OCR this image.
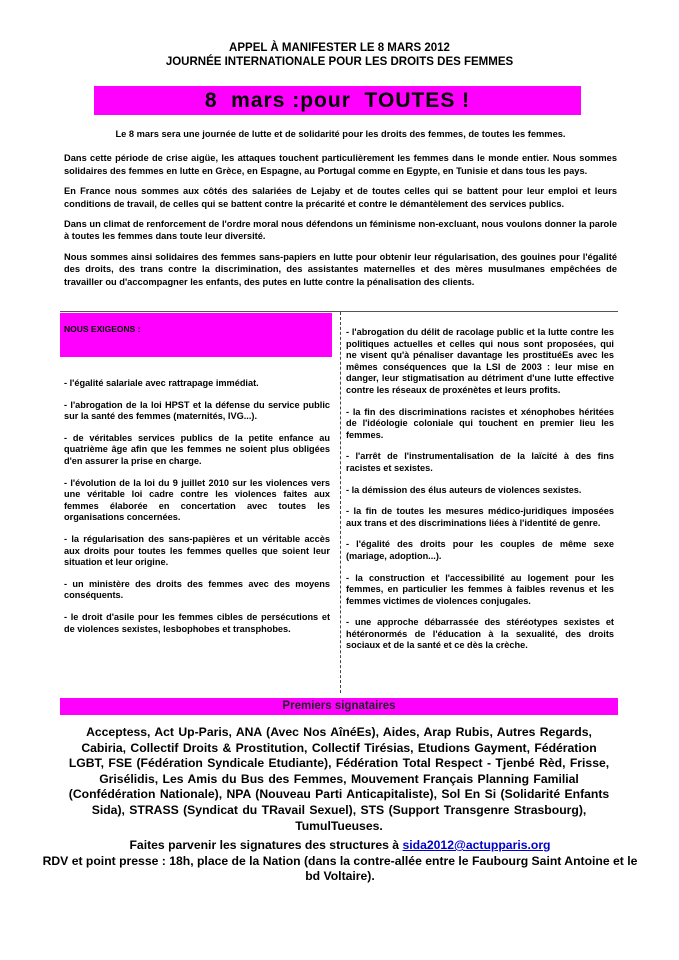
APPEL À MANIFESTER LE 8 MARS 2012
JOURNÉE INTERNATIONALE POUR LES DROITS DES FEMMES
8  mars :pour  TOUTES !

Le 8 mars sera une journée de lutte et de solidarité pour les droits des femmes, de toutes les femmes.

Dans cette période de crise aigüe, les attaques touchent particulièrement les femmes dans le monde entier. Nous sommes solidaires des femmes en lutte en Grèce, en Espagne, au Portugal comme en Egypte, en Tunisie et dans tous les pays.

En France nous sommes aux côtés des salariées de Lejaby et de toutes celles qui se battent pour leur emploi et leurs conditions de travail, de celles qui se battent contre la précarité et contre le démantèlement des services publics.

Dans un climat de renforcement de l'ordre moral nous défendons un féminisme non-excluant, nous voulons donner la parole à toutes les femmes dans toute leur diversité.

Nous sommes ainsi solidaires des femmes sans-papiers en lutte pour obtenir leur régularisation, des gouines pour l'égalité des droits, des trans contre la discrimination, des assistantes maternelles et des mères musulmanes empêchées de travailler ou d'accompagner les enfants, des putes en lutte contre la pénalisation des clients.

NOUS EXIGEONS :

- l'égalité salariale avec rattrapage immédiat.

- l'abrogation de la loi HPST et la défense du service public sur la santé des femmes (maternités, IVG...).

- de véritables services publics de la petite enfance au quatrième âge afin que les femmes ne soient plus obligées d'en assurer la prise en charge.

- l'évolution de la loi du 9 juillet 2010 sur les violences vers une véritable loi cadre contre les violences faites aux femmes élaborée en concertation avec toutes les organisations concernées.

- la régularisation des sans-papières et un véritable accès aux droits pour toutes les femmes quelles que soient leur situation et leur origine.

- un ministère des droits des femmes avec des moyens conséquents.

- le droit d'asile pour les femmes cibles de persécutions et de violences sexistes, lesbophobes et transphobes.

- l'abrogation du délit de racolage public et la lutte contre les politiques actuelles et celles qui nous sont proposées, qui ne visent qu'à pénaliser davantage les prostituéEs avec les mêmes conséquences que la LSI de 2003 : leur mise en danger, leur stigmatisation au détriment d'une lutte effective contre les réseaux de proxénètes et leurs profits.

- la fin des discriminations racistes et xénophobes héritées de l'idéologie coloniale qui touchent en premier lieu les femmes.

- l'arrêt de l'instrumentalisation de la laïcité à des fins racistes et sexistes.

- la démission des élus auteurs de violences sexistes.

- la fin de toutes les mesures médico-juridiques imposées aux trans et des discriminations liées à l'identité de genre.

- l'égalité des droits pour les couples de même sexe (mariage, adoption...).

- la construction et l'accessibilité au logement pour les femmes, en particulier les femmes à faibles revenus et les femmes victimes de violences conjugales.

- une approche débarrassée des stéréotypes sexistes et hétéronormés de l'éducation à la sexualité, des droits sociaux et de la santé et ce dès la crèche.

Premiers signataires
Acceptess, Act Up-Paris, ANA (Avec Nos AînéEs), Aides, Arap Rubis, Autres Regards, Cabiria, Collectif Droits & Prostitution, Collectif Tirésias, Etudions Gayment, Fédération LGBT, FSE (Fédération Syndicale Etudiante), Fédération Total Respect - Tjenbé Rèd, Frisse, Grisélidis, Les Amis du Bus des Femmes, Mouvement Français Planning Familial (Confédération Nationale), NPA (Nouveau Parti Anticapitaliste), Sol En Si (Solidarité Enfants Sida), STRASS (Syndicat du TRavail Sexuel), STS (Support Transgenre Strasbourg), TumulTueuses.
Faites parvenir les signatures des structures à sida2012@actupparis.org
RDV et point presse : 18h, place de la Nation (dans la contre-allée entre le Faubourg Saint Antoine et le bd Voltaire).
